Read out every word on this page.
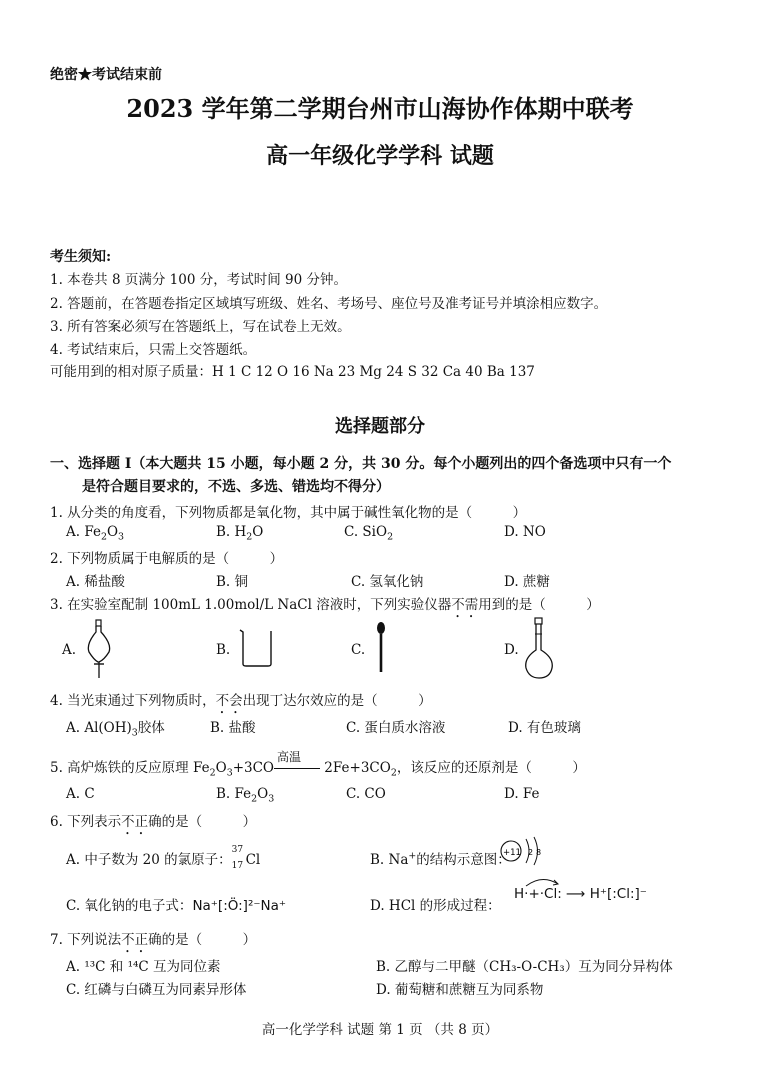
绝密★考试结束前
2023 学年第二学期台州市山海协作体期中联考
高一年级化学学科 试题
考生须知:
1. 本卷共 8 页满分 100 分，考试时间 90 分钟。
2. 答题前，在答题卷指定区域填写班级、姓名、考场号、座位号及准考证号并填涂相应数字。
3. 所有答案必须写在答题纸上，写在试卷上无效。
4. 考试结束后，只需上交答题纸。
可能用到的相对原子质量：H 1 C 12 O 16 Na 23 Mg 24 S 32 Ca 40 Ba 137
选择题部分
一、选择题 I（本大题共 15 小题，每小题 2 分，共 30 分。每个小题列出的四个备选项中只有一个
是符合题目要求的，不选、多选、错选均不得分）
1. 从分类的角度看，下列物质都是氧化物，其中属于碱性氧化物的是（　　　）
A. $Fe_2O_3$	B. $H_2O$	C. SiO$_2$	D. NO
2. 下列物质属于电解质的是（　　　）
A. 稀盐酸	B. 铜	C. 氢氧化钠	D. 蔗糖
3. 在实验室配制 100mL 1.00mol/L NaCl 溶液时，下列实验仪器不需用到的是（　　　）
A.	B.	C.	D.
4. 当光束通过下列物质时，不会出现丁达尔效应的是（　　　）
A. $Al(OH)_3$胶体	B. 盐酸	C. 蛋白质水溶液	D. 有色玻璃
5. 高炉炼铁的反应原理 $Fe_2O_3+3CO$
高温
$2Fe+3CO_2$，该反应的还原剂是（　　　）
A. C	B. $Fe_2O_3$	C. CO	D. Fe
6. 下列表示不正确的是（　　　）
A. 中子数为 20 的氯原子：
37
17 Cl	B. Na+的结构示意图：
+11 2 8
C. 氧化钠的电子式：Na⁺[:Ö:]²⁻Na⁺	D. HCl 的形成过程：
H·+·Cl: ⟶ H⁺[:Cl:]⁻
7. 下列说法不正确的是（　　　）
A. ¹³C 和 ¹⁴C 互为同位素	B. 乙醇与二甲醚（CH₃-O-CH₃）互为同分异构体
C. 红磷与白磷互为同素异形体	D. 葡萄糖和蔗糖互为同系物
高一化学学科 试题 第 1 页 （共 8 页）
